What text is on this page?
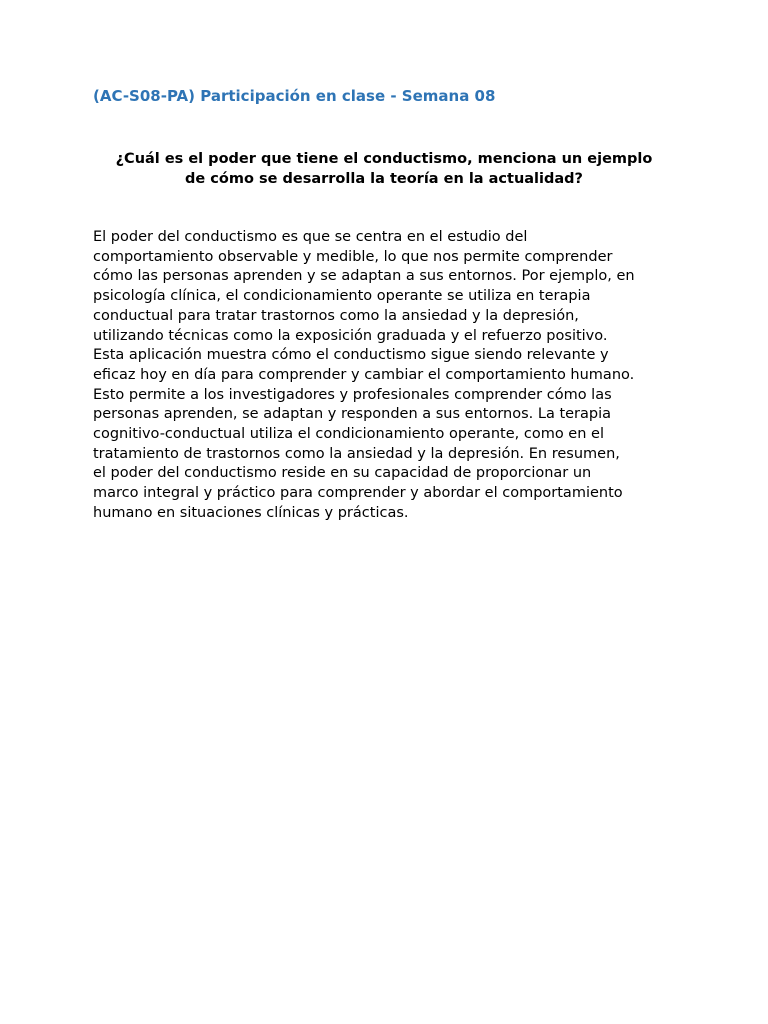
(AC-S08-PA) Participación en clase - Semana 08

¿Cuál es el poder que tiene el conductismo, menciona un ejemplo
de cómo se desarrolla la teoría en la actualidad?

El poder del conductismo es que se centra en el estudio del
comportamiento observable y medible, lo que nos permite comprender
cómo las personas aprenden y se adaptan a sus entornos. Por ejemplo, en
psicología clínica, el condicionamiento operante se utiliza en terapia
conductual para tratar trastornos como la ansiedad y la depresión,
utilizando técnicas como la exposición graduada y el refuerzo positivo.
Esta aplicación muestra cómo el conductismo sigue siendo relevante y
eficaz hoy en día para comprender y cambiar el comportamiento humano.
Esto permite a los investigadores y profesionales comprender cómo las
personas aprenden, se adaptan y responden a sus entornos. La terapia
cognitivo-conductual utiliza el condicionamiento operante, como en el
tratamiento de trastornos como la ansiedad y la depresión. En resumen,
el poder del conductismo reside en su capacidad de proporcionar un
marco integral y práctico para comprender y abordar el comportamiento
humano en situaciones clínicas y prácticas.
